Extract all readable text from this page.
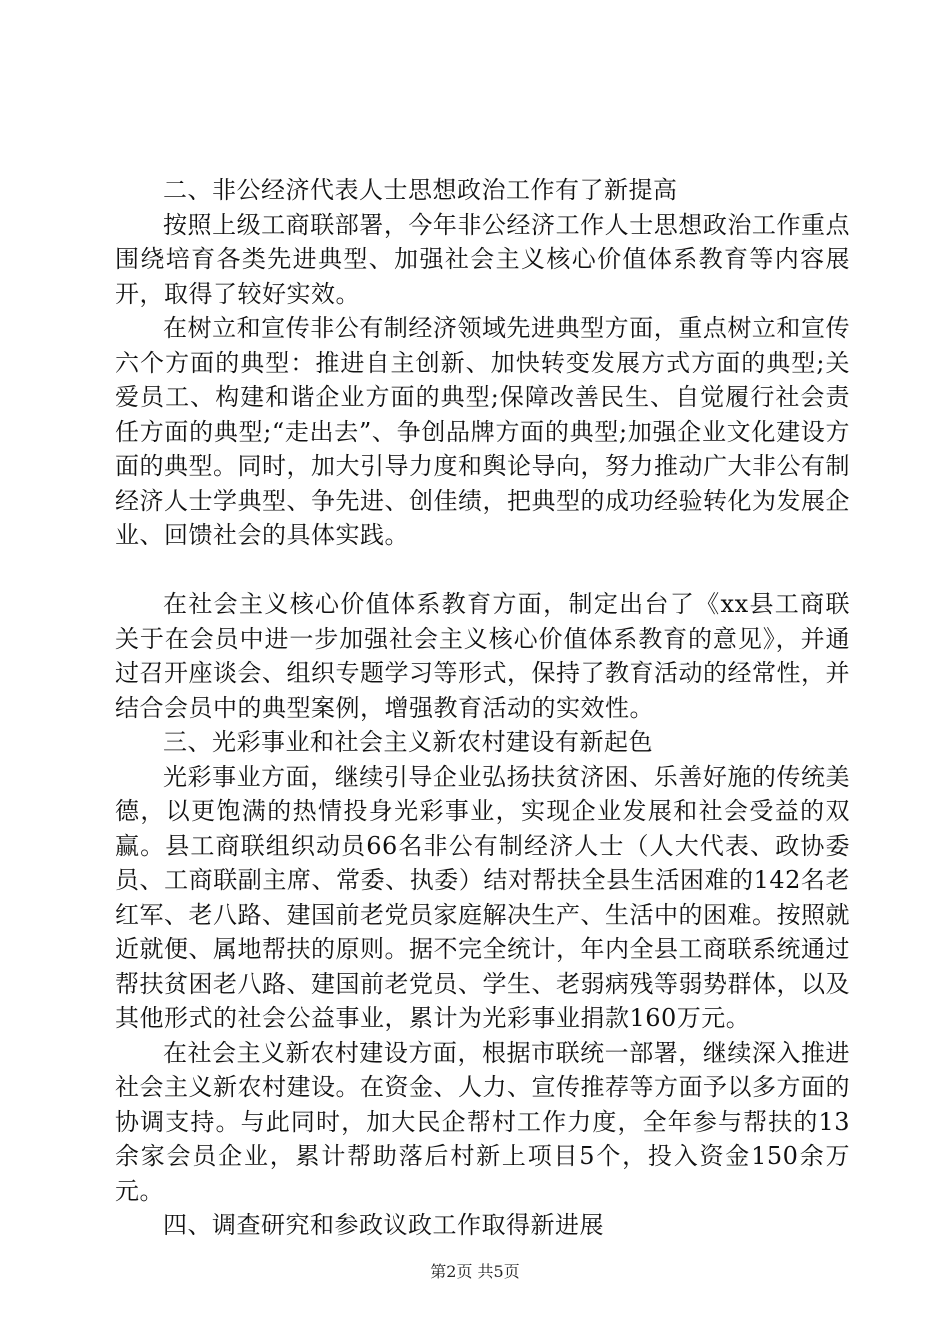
二、非公经济代表人士思想政治工作有了新提高

按照上级工商联部署，今年非公经济工作人士思想政治工作重点围绕培育各类先进典型、加强社会主义核心价值体系教育等内容展开，取得了较好实效。

在树立和宣传非公有制经济领域先进典型方面，重点树立和宣传六个方面的典型：推进自主创新、加快转变发展方式方面的典型;关爱员工、构建和谐企业方面的典型;保障改善民生、自觉履行社会责任方面的典型;“走出去”、争创品牌方面的典型;加强企业文化建设方面的典型。同时，加大引导力度和舆论导向，努力推动广大非公有制经济人士学典型、争先进、创佳绩，把典型的成功经验转化为发展企业、回馈社会的具体实践。

在社会主义核心价值体系教育方面，制定出台了《xx县工商联关于在会员中进一步加强社会主义核心价值体系教育的意见》，并通过召开座谈会、组织专题学习等形式，保持了教育活动的经常性，并结合会员中的典型案例，增强教育活动的实效性。

三、光彩事业和社会主义新农村建设有新起色

光彩事业方面，继续引导企业弘扬扶贫济困、乐善好施的传统美德，以更饱满的热情投身光彩事业，实现企业发展和社会受益的双赢。县工商联组织动员66名非公有制经济人士（人大代表、政协委员、工商联副主席、常委、执委）结对帮扶全县生活困难的142名老红军、老八路、建国前老党员家庭解决生产、生活中的困难。按照就近就便、属地帮扶的原则。据不完全统计，年内全县工商联系统通过帮扶贫困老八路、建国前老党员、学生、老弱病残等弱势群体，以及其他形式的社会公益事业，累计为光彩事业捐款160万元。

在社会主义新农村建设方面，根据市联统一部署，继续深入推进社会主义新农村建设。在资金、人力、宣传推荐等方面予以多方面的协调支持。与此同时，加大民企帮村工作力度，全年参与帮扶的13余家会员企业，累计帮助落后村新上项目5个，投入资金150余万元。

四、调查研究和参政议政工作取得新进展

第2页 共5页
